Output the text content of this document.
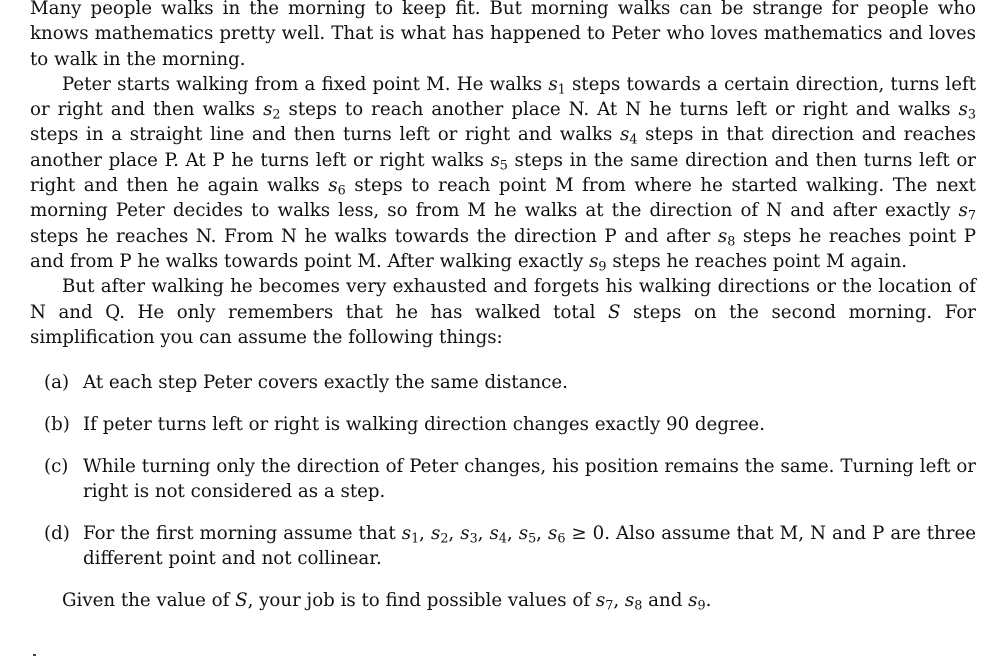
Many people walks in the morning to keep fit. But morning walks can be strange for people who knows mathematics pretty well. That is what has happened to Peter who loves mathematics and loves to walk in the morning.

Peter starts walking from a fixed point M. He walks $s_1$ steps towards a certain direction, turns left or right and then walks $s_2$ steps to reach another place N. At N he turns left or right and walks $s_3$ steps in a straight line and then turns left or right and walks $s_4$ steps in that direction and reaches another place P. At P he turns left or right walks $s_5$ steps in the same direction and then turns left or right and then he again walks $s_6$ steps to reach point M from where he started walking. The next morning Peter decides to walks less, so from M he walks at the direction of N and after exactly $s_7$ steps he reaches N. From N he walks towards the direction P and after $s_8$ steps he reaches point P and from P he walks towards point M. After walking exactly $s_9$ steps he reaches point M again.

But after walking he becomes very exhausted and forgets his walking directions or the location of N and Q. He only remembers that he has walked total S steps on the second morning. For simplification you can assume the following things:

(a) At each step Peter covers exactly the same distance.
(b) If peter turns left or right is walking direction changes exactly 90 degree.
(c) While turning only the direction of Peter changes, his position remains the same. Turning left or right is not considered as a step.
(d) For the first morning assume that $s_1$, $s_2$, $s_3$, $s_4$, $s_5$, $s_6 \ge 0$. Also assume that M, N and P are three different point and not collinear.

Given the value of S, your job is to find possible values of $s_7$, $s_8$ and $s_9$.
